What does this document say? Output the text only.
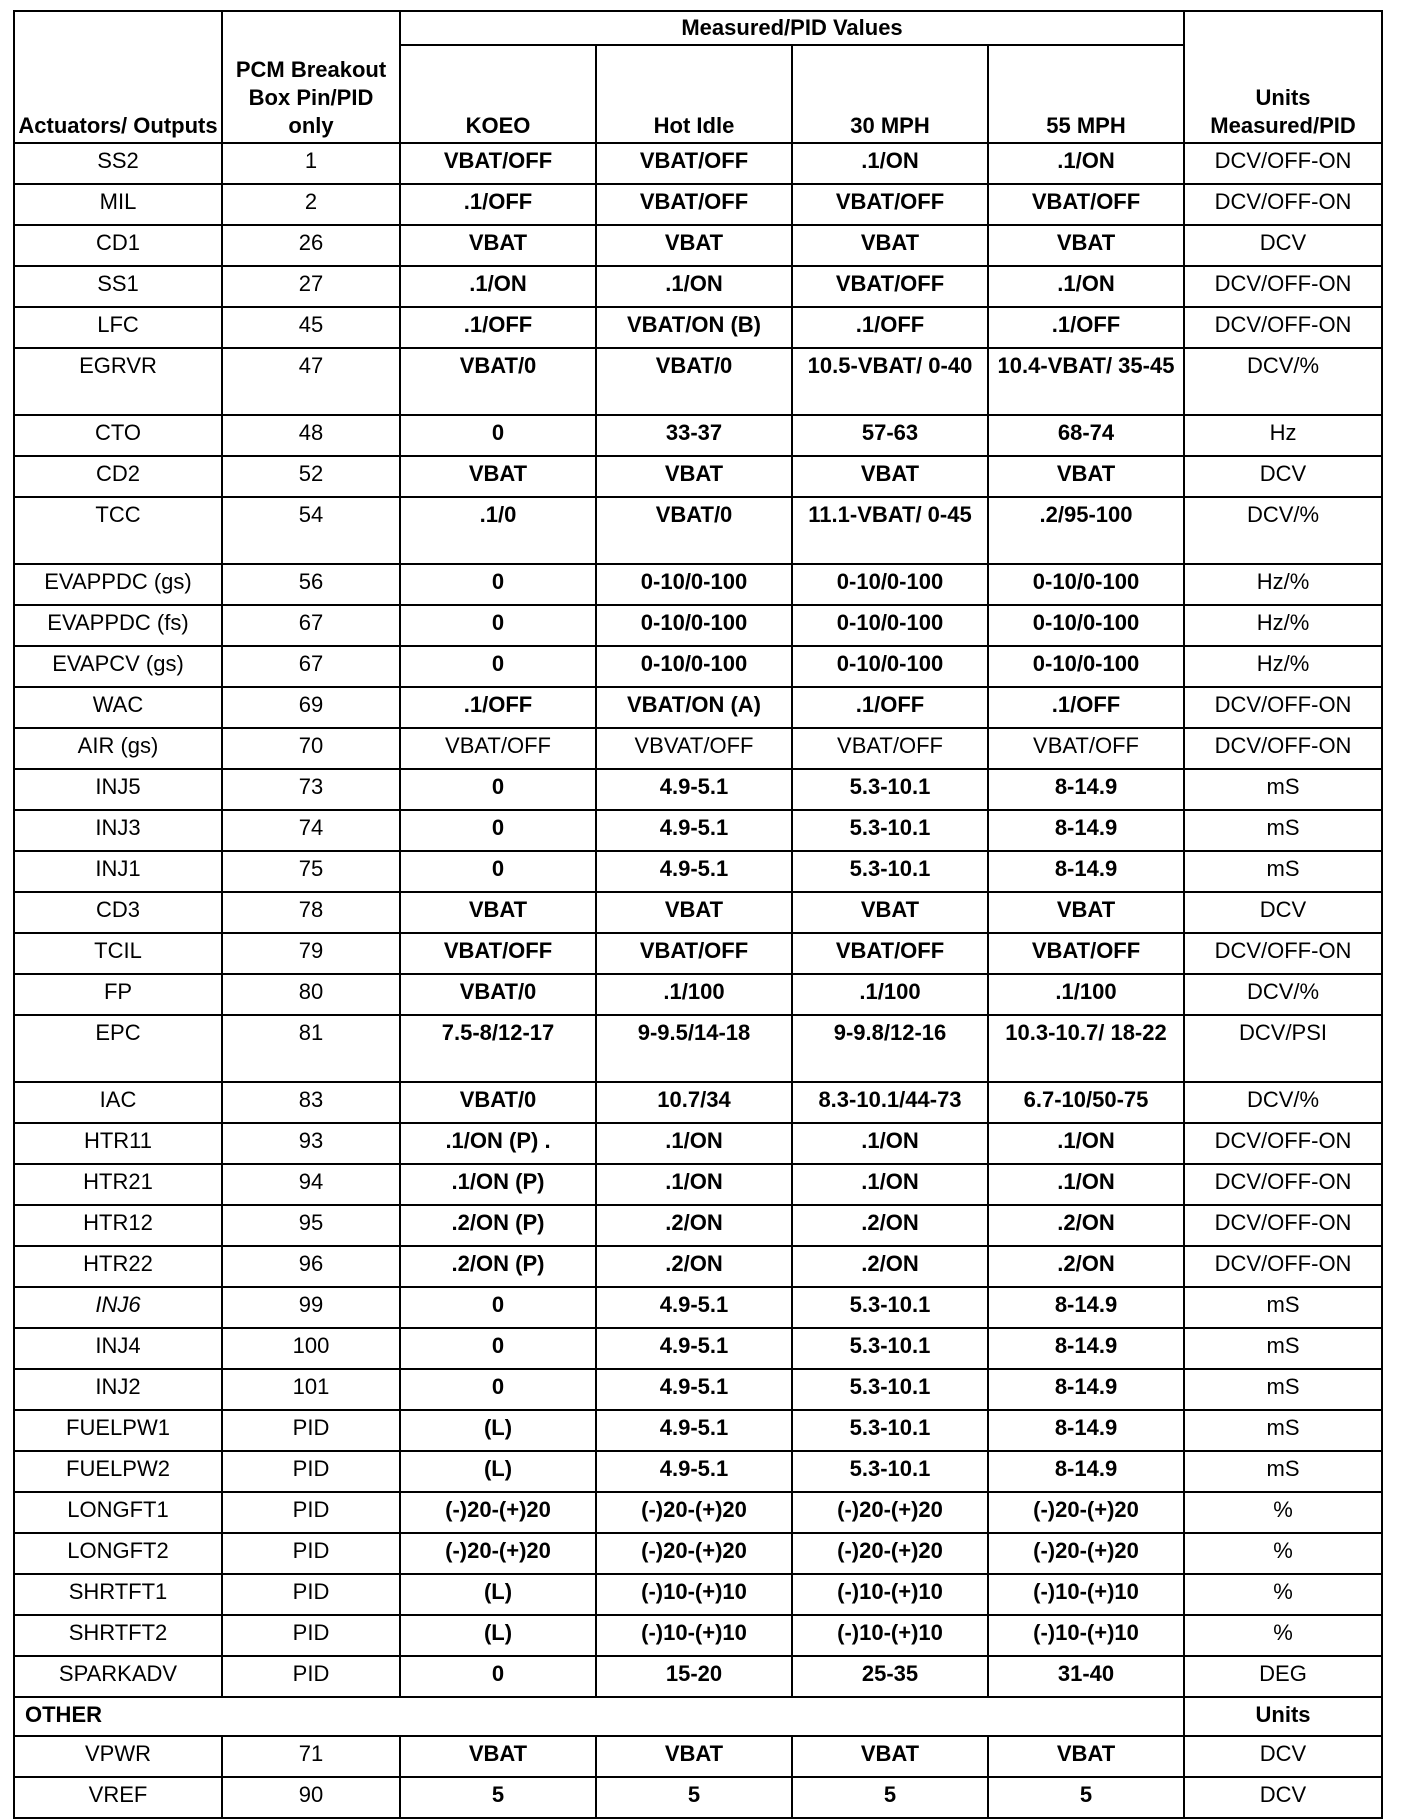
Actuators/ Outputs	PCM Breakout Box Pin/PID only	Measured/PID Values				Units Measured/PID
		KOEO	Hot Idle	30 MPH	55 MPH	
SS2	1	VBAT/OFF	VBAT/OFF	.1/ON	.1/ON	DCV/OFF-ON
MIL	2	.1/OFF	VBAT/OFF	VBAT/OFF	VBAT/OFF	DCV/OFF-ON
CD1	26	VBAT	VBAT	VBAT	VBAT	DCV
SS1	27	.1/ON	.1/ON	VBAT/OFF	.1/ON	DCV/OFF-ON
LFC	45	.1/OFF	VBAT/ON (B)	.1/OFF	.1/OFF	DCV/OFF-ON
EGRVR	47	VBAT/0	VBAT/0	10.5-VBAT/ 0-40	10.4-VBAT/ 35-45	DCV/%
CTO	48	0	33-37	57-63	68-74	Hz
CD2	52	VBAT	VBAT	VBAT	VBAT	DCV
TCC	54	.1/0	VBAT/0	11.1-VBAT/ 0-45	.2/95-100	DCV/%
EVAPPDC (gs)	56	0	0-10/0-100	0-10/0-100	0-10/0-100	Hz/%
EVAPPDC (fs)	67	0	0-10/0-100	0-10/0-100	0-10/0-100	Hz/%
EVAPCV (gs)	67	0	0-10/0-100	0-10/0-100	0-10/0-100	Hz/%
WAC	69	.1/OFF	VBAT/ON (A)	.1/OFF	.1/OFF	DCV/OFF-ON
AIR (gs)	70	VBAT/OFF	VBVAT/OFF	VBAT/OFF	VBAT/OFF	DCV/OFF-ON
INJ5	73	0	4.9-5.1	5.3-10.1	8-14.9	mS
INJ3	74	0	4.9-5.1	5.3-10.1	8-14.9	mS
INJ1	75	0	4.9-5.1	5.3-10.1	8-14.9	mS
CD3	78	VBAT	VBAT	VBAT	VBAT	DCV
TCIL	79	VBAT/OFF	VBAT/OFF	VBAT/OFF	VBAT/OFF	DCV/OFF-ON
FP	80	VBAT/0	.1/100	.1/100	.1/100	DCV/%
EPC	81	7.5-8/12-17	9-9.5/14-18	9-9.8/12-16	10.3-10.7/ 18-22	DCV/PSI
IAC	83	VBAT/0	10.7/34	8.3-10.1/44-73	6.7-10/50-75	DCV/%
HTR11	93	.1/ON (P) .	.1/ON	.1/ON	.1/ON	DCV/OFF-ON
HTR21	94	.1/ON (P)	.1/ON	.1/ON	.1/ON	DCV/OFF-ON
HTR12	95	.2/ON (P)	.2/ON	.2/ON	.2/ON	DCV/OFF-ON
HTR22	96	.2/ON (P)	.2/ON	.2/ON	.2/ON	DCV/OFF-ON
INJ6	99	0	4.9-5.1	5.3-10.1	8-14.9	mS
INJ4	100	0	4.9-5.1	5.3-10.1	8-14.9	mS
INJ2	101	0	4.9-5.1	5.3-10.1	8-14.9	mS
FUELPW1	PID	(L)	4.9-5.1	5.3-10.1	8-14.9	mS
FUELPW2	PID	(L)	4.9-5.1	5.3-10.1	8-14.9	mS
LONGFT1	PID	(-)20-(+)20	(-)20-(+)20	(-)20-(+)20	(-)20-(+)20	%
LONGFT2	PID	(-)20-(+)20	(-)20-(+)20	(-)20-(+)20	(-)20-(+)20	%
SHRTFT1	PID	(L)	(-)10-(+)10	(-)10-(+)10	(-)10-(+)10	%
SHRTFT2	PID	(L)	(-)10-(+)10	(-)10-(+)10	(-)10-(+)10	%
SPARKADV	PID	0	15-20	25-35	31-40	DEG
OTHER						Units
VPWR	71	VBAT	VBAT	VBAT	VBAT	DCV
VREF	90	5	5	5	5	DCV
